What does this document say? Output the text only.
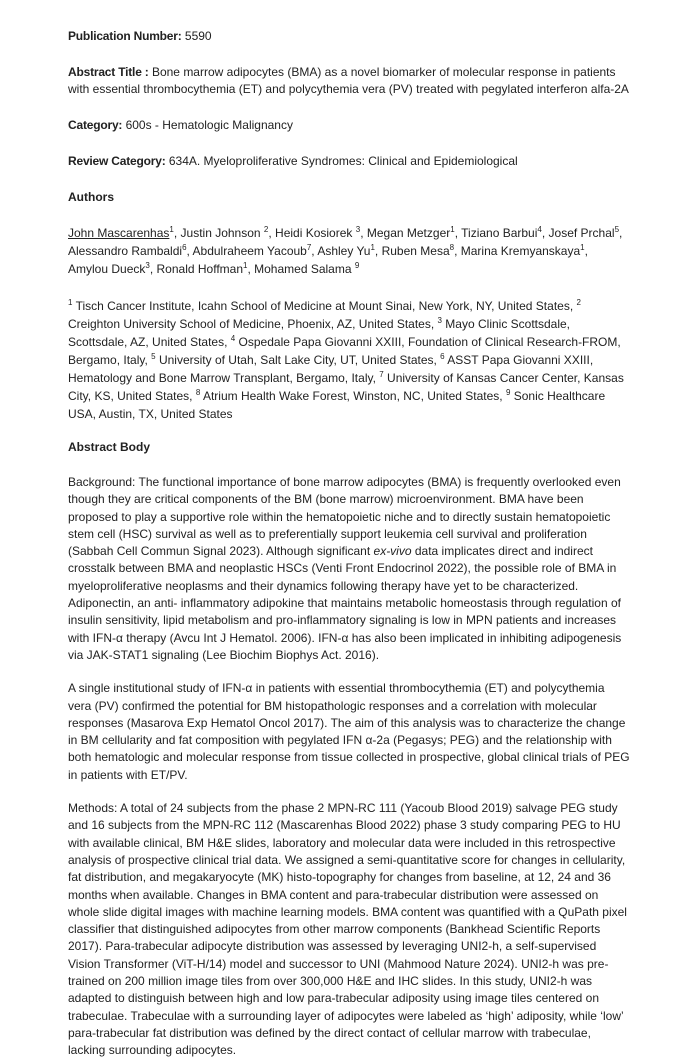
Publication Number: 5590
Abstract Title : Bone marrow adipocytes (BMA) as a novel biomarker of molecular response in patients with essential thrombocythemia (ET) and polycythemia vera (PV) treated with pegylated interferon alfa-2A
Category: 600s - Hematologic Malignancy
Review Category: 634A. Myeloproliferative Syndromes: Clinical and Epidemiological
Authors
John Mascarenhas$^1$, Justin Johnson $^2$, Heidi Kosiorek $^3$, Megan Metzger$^1$, Tiziano Barbui$^4$, Josef Prchal$^5$, Alessandro Rambaldi$^6$, Abdulraheem Yacoub$^7$, Ashley Yu$^1$, Ruben Mesa$^8$, Marina Kremyanskaya$^1$, Amylou Dueck$^3$, Ronald Hoffman$^1$, Mohamed Salama $^9$
$^1$ Tisch Cancer Institute, Icahn School of Medicine at Mount Sinai, New York, NY, United States, $^2$ Creighton University School of Medicine, Phoenix, AZ, United States, $^3$ Mayo Clinic Scottsdale, Scottsdale, AZ, United States, $^4$ Ospedale Papa Giovanni XXIII, Foundation of Clinical Research-FROM, Bergamo, Italy, $^5$ University of Utah, Salt Lake City, UT, United States, $^6$ ASST Papa Giovanni XXIII, Hematology and Bone Marrow Transplant, Bergamo, Italy, $^7$ University of Kansas Cancer Center, Kansas City, KS, United States, $^8$ Atrium Health Wake Forest, Winston, NC, United States, $^9$ Sonic Healthcare USA, Austin, TX, United States
Abstract Body
Background: The functional importance of bone marrow adipocytes (BMA) is frequently overlooked even though they are critical components of the BM (bone marrow) microenvironment. BMA have been proposed to play a supportive role within the hematopoietic niche and to directly sustain hematopoietic stem cell (HSC) survival as well as to preferentially support leukemia cell survival and proliferation (Sabbah Cell Commun Signal 2023). Although significant ex-vivo data implicates direct and indirect crosstalk between BMA and neoplastic HSCs (Venti Front Endocrinol 2022), the possible role of BMA in myeloproliferative neoplasms and their dynamics following therapy have yet to be characterized. Adiponectin, an anti- inflammatory adipokine that maintains metabolic homeostasis through regulation of insulin sensitivity, lipid metabolism and pro-inflammatory signaling is low in MPN patients and increases with IFN-α therapy (Avcu Int J Hematol. 2006). IFN-α has also been implicated in inhibiting adipogenesis via JAK-STAT1 signaling (Lee Biochim Biophys Act. 2016).
A single institutional study of IFN-α in patients with essential thrombocythemia (ET) and polycythemia vera (PV) confirmed the potential for BM histopathologic responses and a correlation with molecular responses (Masarova Exp Hematol Oncol 2017). The aim of this analysis was to characterize the change in BM cellularity and fat composition with pegylated IFN α-2a (Pegasys; PEG) and the relationship with both hematologic and molecular response from tissue collected in prospective, global clinical trials of PEG in patients with ET/PV.
Methods: A total of 24 subjects from the phase 2 MPN-RC 111 (Yacoub Blood 2019) salvage PEG study and 16 subjects from the MPN-RC 112 (Mascarenhas Blood 2022) phase 3 study comparing PEG to HU with available clinical, BM H&E slides, laboratory and molecular data were included in this retrospective analysis of prospective clinical trial data. We assigned a semi-quantitative score for changes in cellularity, fat distribution, and megakaryocyte (MK) histo-topography for changes from baseline, at 12, 24 and 36 months when available. Changes in BMA content and para-trabecular distribution were assessed on whole slide digital images with machine learning models. BMA content was quantified with a QuPath pixel classifier that distinguished adipocytes from other marrow components (Bankhead Scientific Reports 2017). Para-trabecular adipocyte distribution was assessed by leveraging UNI2-h, a self-supervised Vision Transformer (ViT-H/14) model and successor to UNI (Mahmood Nature 2024). UNI2-h was pre-trained on 200 million image tiles from over 300,000 H&E and IHC slides. In this study, UNI2-h was adapted to distinguish between high and low para-trabecular adiposity using image tiles centered on trabeculae. Trabeculae with a surrounding layer of adipocytes were labeled as ‘high’ adiposity, while ‘low’ para-trabecular fat distribution was defined by the direct contact of cellular marrow with trabeculae, lacking surrounding adipocytes.
